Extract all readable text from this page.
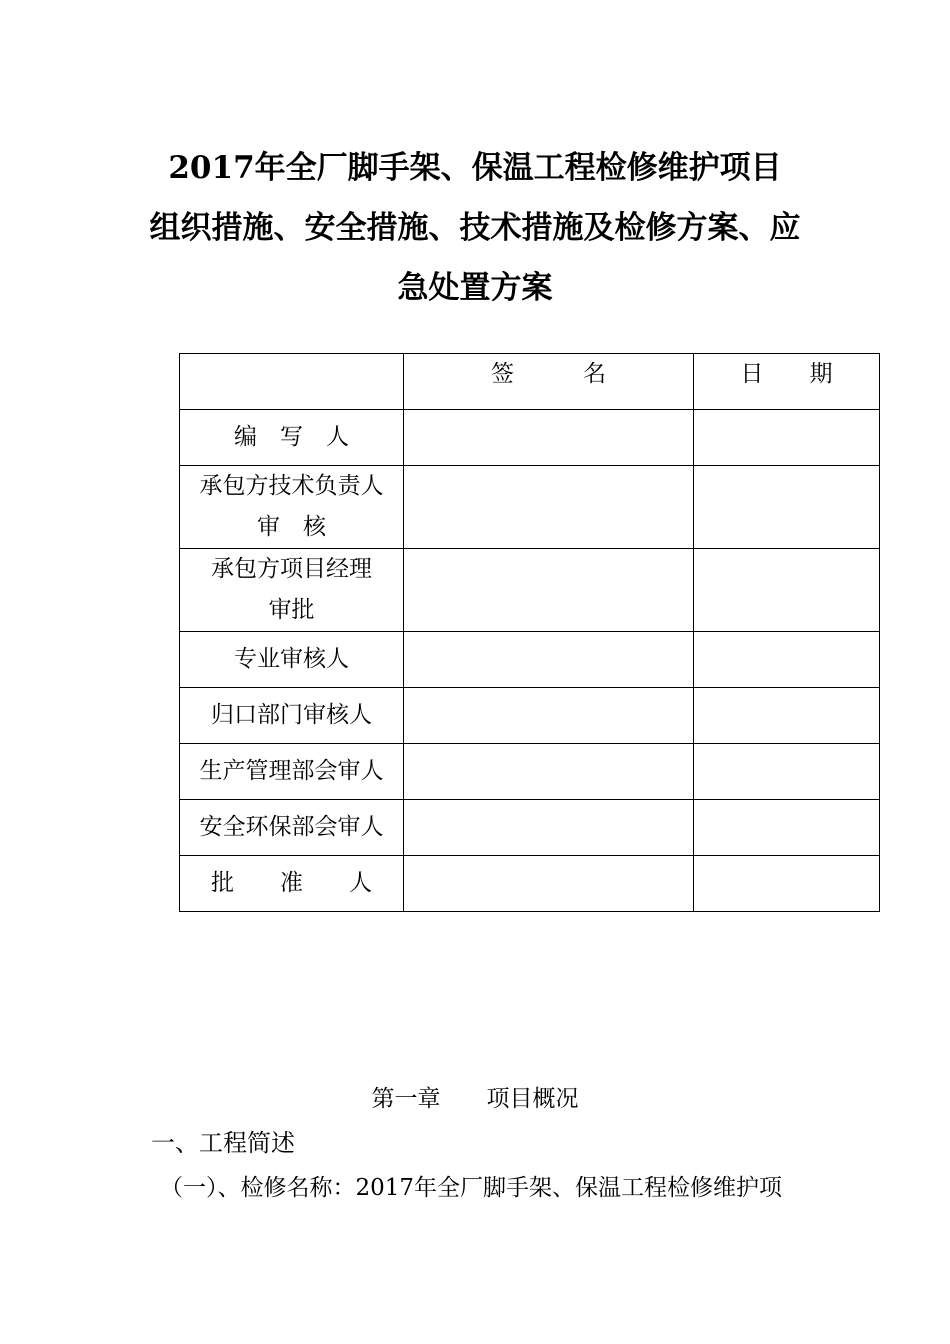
2017年全厂脚手架、保温工程检修维护项目
组织措施、安全措施、技术措施及检修方案、应
急处置方案
	签　　　名	日　　期

编　写　人		

承包方技术负责人
审　核		

承包方项目经理
审批		

专业审核人		

归口部门审核人		

生产管理部会审人		

安全环保部会审人		

批　　准　　人		

第一章　　项目概况
一、工程简述
（一）、检修名称：2017年全厂脚手架、保温工程检修维护项
